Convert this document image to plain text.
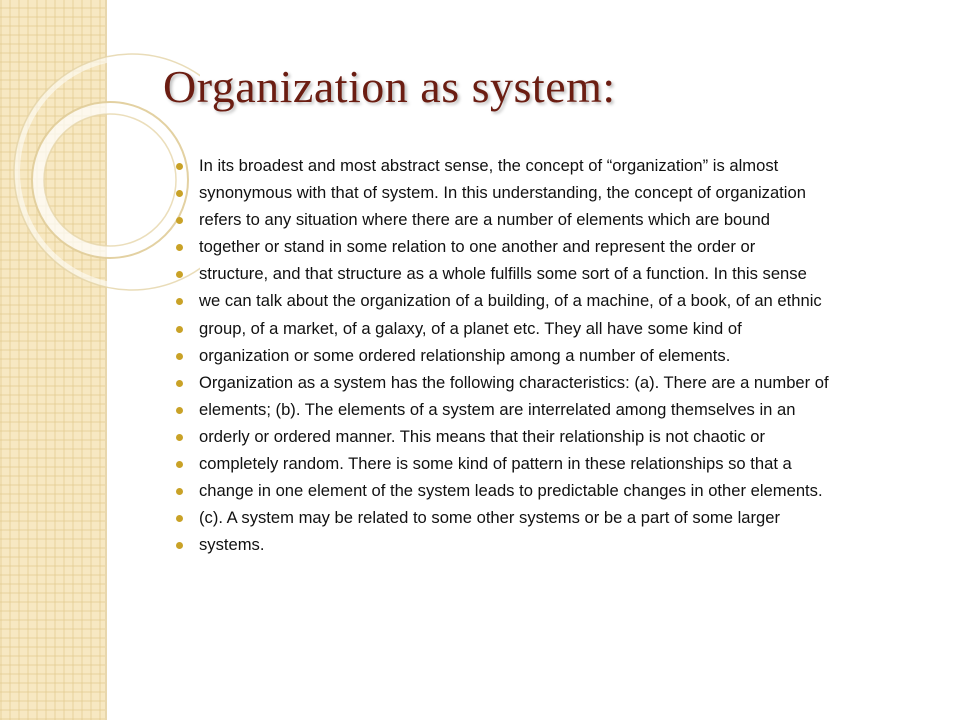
Organization as system:
In its broadest and most abstract sense, the concept of “organization” is almost
synonymous with that of system. In this understanding, the concept of organization
refers to any situation where there are a number of elements which are bound
together or stand in some relation to one another and represent the order or
structure, and that structure as a whole fulfills some sort of a function. In this sense
we can talk about the organization of a building, of a machine, of a book, of an ethnic
group, of a market, of a galaxy, of a planet etc. They all have some kind of
organization or some ordered relationship among a number of elements.
Organization as a system has the following characteristics: (a). There are a number of
elements; (b). The elements of a system are interrelated among themselves in an
orderly or ordered manner. This means that their relationship is not chaotic or
completely random. There is some kind of pattern in these relationships so that a
change in one element of the system leads to predictable changes in other elements.
(c). A system may be related to some other systems or be a part of some larger
systems.
